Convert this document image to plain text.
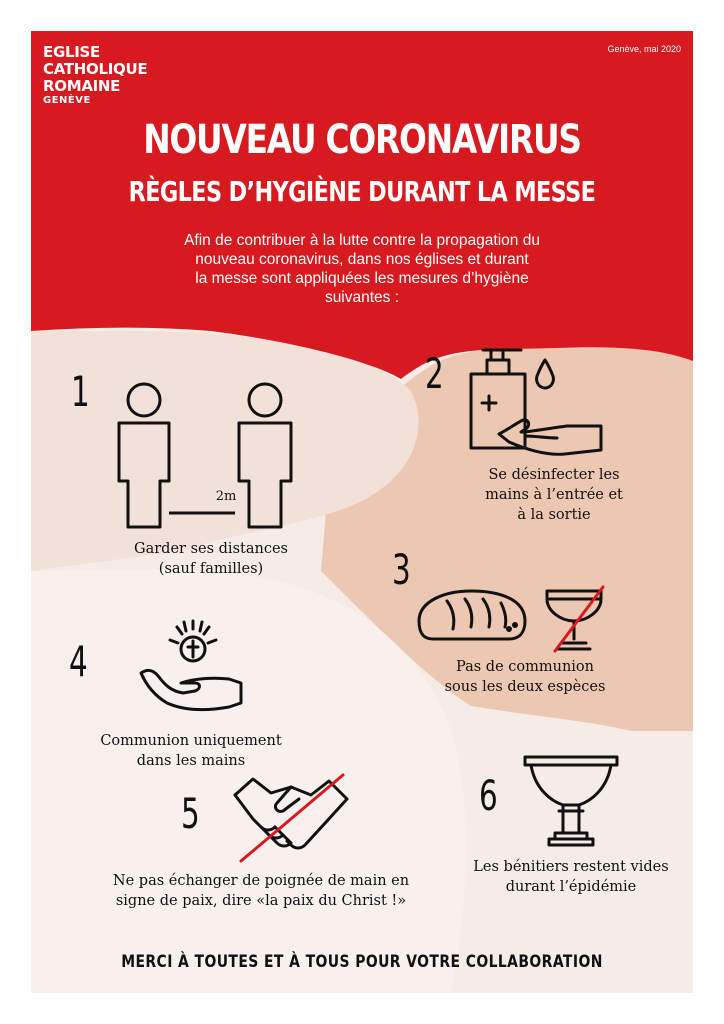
EGLISE
CATHOLIQUE
ROMAINE
GENÈVE
Genève, mai 2020
NOUVEAU CORONAVIRUS
RÈGLES D’HYGIÈNE DURANT LA MESSE
Afin de contribuer à la lutte contre la propagation du
nouveau coronavirus, dans nos églises et durant
la messe sont appliquées les mesures d’hygiène
suivantes :
1
2m
Garder ses distances
(sauf familles)
2
Se désinfecter les
mains à l’entrée et
à la sortie
3
Pas de communion
sous les deux espèces
4
Communion uniquement
dans les mains
5
Ne pas échanger de poignée de main en
signe de paix, dire «la paix du Christ !»
6
Les bénitiers restent vides
durant l’épidémie
MERCI À TOUTES ET À TOUS POUR VOTRE COLLABORATION
